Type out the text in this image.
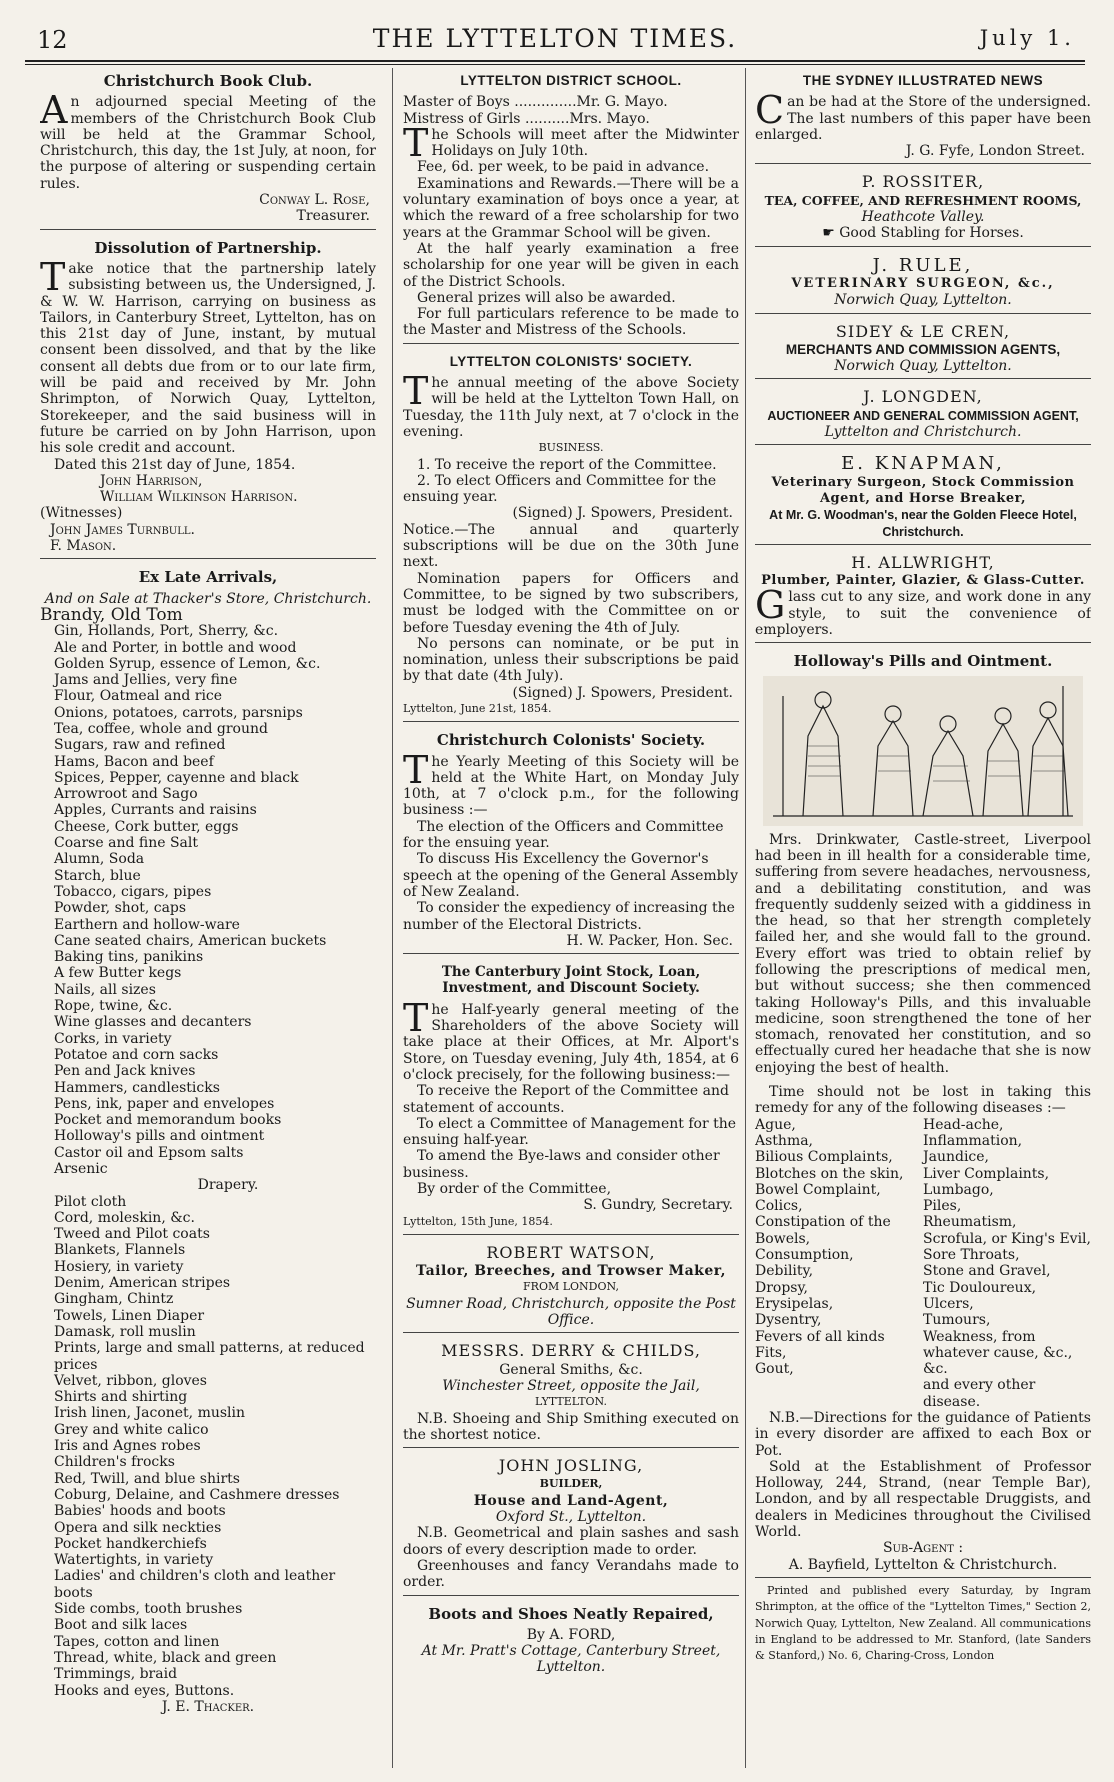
12	THE LYTTELTON TIMES.	July 1.
Christchurch Book Club.
An adjourned special Meeting of the members of the Christchurch Book Club will be held at the Grammar School, Christchurch, this day, the 1st July, at noon, for the purpose of altering or suspending certain rules.
Conway L. Rose,
Treasurer.
Dissolution of Partnership.
Take notice that the partnership lately subsisting between us, the Undersigned, J. & W. W. Harrison, carrying on business as Tailors, in Canterbury Street, Lyttelton, has on this 21st day of June, instant, by mutual consent been dissolved, and that by the like consent all debts due from or to our late firm, will be paid and received by Mr. John Shrimpton, of Norwich Quay, Lyttelton, Storekeeper, and the said business will in future be carried on by John Harrison, upon his sole credit and account.
Dated this 21st day of June, 1854.
John Harrison,
William Wilkinson Harrison.
(Witnesses)
John James Turnbull.
F. Mason.
Ex Late Arrivals,
And on Sale at Thacker's Store, Christchurch.
Brandy, Old Tom
Gin, Hollands, Port, Sherry, &c.
Ale and Porter, in bottle and wood
Golden Syrup, essence of Lemon, &c.
Jams and Jellies, very fine
Flour, Oatmeal and rice
Onions, potatoes, carrots, parsnips
Tea, coffee, whole and ground
Sugars, raw and refined
Hams, Bacon and beef
Spices, Pepper, cayenne and black
Arrowroot and Sago
Apples, Currants and raisins
Cheese, Cork butter, eggs
Coarse and fine Salt
Alumn, Soda
Starch, blue
Tobacco, cigars, pipes
Powder, shot, caps
Earthern and hollow-ware
Cane seated chairs, American buckets
Baking tins, panikins
A few Butter kegs
Nails, all sizes
Rope, twine, &c.
Wine glasses and decanters
Corks, in variety
Potatoe and corn sacks
Pen and Jack knives
Hammers, candlesticks
Pens, ink, paper and envelopes
Pocket and memorandum books
Holloway's pills and ointment
Castor oil and Epsom salts
Arsenic
Drapery.
Pilot cloth
Cord, moleskin, &c.
Tweed and Pilot coats
Blankets, Flannels
Hosiery, in variety
Denim, American stripes
Gingham, Chintz
Towels, Linen Diaper
Damask, roll muslin
Prints, large and small patterns, at reduced prices
Velvet, ribbon, gloves
Shirts and shirting
Irish linen, Jaconet, muslin
Grey and white calico
Iris and Agnes robes
Children's frocks
Red, Twill, and blue shirts
Coburg, Delaine, and Cashmere dresses
Babies' hoods and boots
Opera and silk neckties
Pocket handkerchiefs
Watertights, in variety
Ladies' and children's cloth and leather boots
Side combs, tooth brushes
Boot and silk laces
Tapes, cotton and linen
Thread, white, black and green
Trimmings, braid
Hooks and eyes, Buttons.
J. E. Thacker.
LYTTELTON DISTRICT SCHOOL.
Master of Boys ..............Mr. G. Mayo.
Mistress of Girls ..........Mrs. Mayo.
The Schools will meet after the Midwinter Holidays on July 10th.
Fee, 6d. per week, to be paid in advance.
Examinations and Rewards.—There will be a voluntary examination of boys once a year, at which the reward of a free scholarship for two years at the Grammar School will be given.
At the half yearly examination a free scholarship for one year will be given in each of the District Schools.
General prizes will also be awarded.
For full particulars reference to be made to the Master and Mistress of the Schools.
LYTTELTON COLONISTS' SOCIETY.
The annual meeting of the above Society will be held at the Lyttelton Town Hall, on Tuesday, the 11th July next, at 7 o'clock in the evening.
BUSINESS.
1. To receive the report of the Committee.
2. To elect Officers and Committee for the ensuing year.
(Signed) J. Spowers, President.
Notice.—The annual and quarterly subscriptions will be due on the 30th June next.
Nomination papers for Officers and Committee, to be signed by two subscribers, must be lodged with the Committee on or before Tuesday evening the 4th of July.
No persons can nominate, or be put in nomination, unless their subscriptions be paid by that date (4th July).
(Signed) J. Spowers, President.
Lyttelton, June 21st, 1854.
Christchurch Colonists' Society.
The Yearly Meeting of this Society will be held at the White Hart, on Monday July 10th, at 7 o'clock p.m., for the following business :—
The election of the Officers and Committee for the ensuing year.
To discuss His Excellency the Governor's speech at the opening of the General Assembly of New Zealand.
To consider the expediency of increasing the number of the Electoral Districts.
H. W. Packer, Hon. Sec.
The Canterbury Joint Stock, Loan, Investment, and Discount Society.
The Half-yearly general meeting of the Shareholders of the above Society will take place at their Offices, at Mr. Alport's Store, on Tuesday evening, July 4th, 1854, at 6 o'clock precisely, for the following business:—
To receive the Report of the Committee and statement of accounts.
To elect a Committee of Management for the ensuing half-year.
To amend the Bye-laws and consider other business.
By order of the Committee,
S. Gundry, Secretary.
Lyttelton, 15th June, 1854.
ROBERT WATSON,
Tailor, Breeches, and Trowser Maker,
FROM LONDON,
Sumner Road, Christchurch, opposite the Post Office.
MESSRS. DERRY & CHILDS,
General Smiths, &c.
Winchester Street, opposite the Jail,
LYTTELTON.
N.B. Shoeing and Ship Smithing executed on the shortest notice.
JOHN JOSLING,
BUILDER,
House and Land-Agent,
Oxford St., Lyttelton.
N.B. Geometrical and plain sashes and sash doors of every description made to order.
Greenhouses and fancy Verandahs made to order.
Boots and Shoes Neatly Repaired,
By A. FORD,
At Mr. Pratt's Cottage, Canterbury Street, Lyttelton.
THE SYDNEY ILLUSTRATED NEWS
Can be had at the Store of the undersigned. The last numbers of this paper have been enlarged.
J. G. Fyfe, London Street.
P. ROSSITER,
TEA, COFFEE, AND REFRESHMENT ROOMS,
Heathcote Valley.
☛ Good Stabling for Horses.
J. RULE,
VETERINARY SURGEON, &c.,
Norwich Quay, Lyttelton.
SIDEY & LE CREN,
MERCHANTS AND COMMISSION AGENTS,
Norwich Quay, Lyttelton.
J. LONGDEN,
AUCTIONEER AND GENERAL COMMISSION AGENT,
Lyttelton and Christchurch.
E. KNAPMAN,
Veterinary Surgeon, Stock Commission Agent, and Horse Breaker,
At Mr. G. Woodman's, near the Golden Fleece Hotel, Christchurch.
H. ALLWRIGHT,
Plumber, Painter, Glazier, & Glass-Cutter.
Glass cut to any size, and work done in any style, to suit the convenience of employers.
Holloway's Pills and Ointment.
Mrs. Drinkwater, Castle-street, Liverpool had been in ill health for a considerable time, suffering from severe headaches, nervousness, and a debilitating constitution, and was frequently suddenly seized with a giddiness in the head, so that her strength completely failed her, and she would fall to the ground. Every effort was tried to obtain relief by following the prescriptions of medical men, but without success; she then commenced taking Holloway's Pills, and this invaluable medicine, soon strengthened the tone of her stomach, renovated her constitution, and so effectually cured her headache that she is now enjoying the best of health.
Time should not be lost in taking this remedy for any of the following diseases :—
Ague,
Asthma,
Bilious Complaints,
Blotches on the skin,
Bowel Complaint,
Colics,
Constipation of the Bowels,
Consumption,
Debility,
Dropsy,
Erysipelas,
Dysentry,
Fevers of all kinds
Fits,
Gout,
Head-ache,
Inflammation,
Jaundice,
Liver Complaints,
Lumbago,
Piles,
Rheumatism,
Scrofula, or King's Evil,
Sore Throats,
Stone and Gravel,
Tic Douloureux,
Ulcers,
Tumours,
Weakness, from whatever cause, &c., &c.
and every other disease.
N.B.—Directions for the guidance of Patients in every disorder are affixed to each Box or Pot.
Sold at the Establishment of Professor Holloway, 244, Strand, (near Temple Bar), London, and by all respectable Druggists, and dealers in Medicines throughout the Civilised World.
Sub-Agent :
A. Bayfield, Lyttelton & Christchurch.
Printed and published every Saturday, by Ingram Shrimpton, at the office of the "Lyttelton Times," Section 2, Norwich Quay, Lyttelton, New Zealand. All communications in England to be addressed to Mr. Stanford, (late Sanders & Stanford,) No. 6, Charing-Cross, London
